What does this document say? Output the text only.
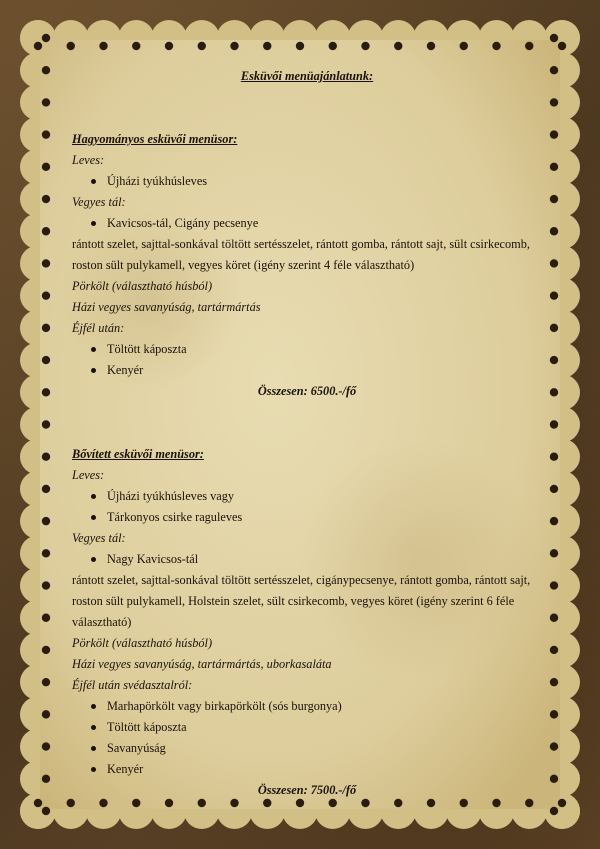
Esküvői menüajánlatunk:
Hagyományos esküvői menüsor:
Leves:
Újházi tyúkhúsleves
Vegyes tál:
Kavicsos-tál, Cigány pecsenye
rántott szelet, sajttal-sonkával töltött sertésszelet, rántott gomba, rántott sajt, sült csirkecomb,
roston sült pulykamell, vegyes köret (igény szerint 4 féle választható)
Pörkölt (választható húsból)
Házi vegyes savanyúság, tartármártás
Éjfél után:
Töltött káposzta
Kenyér
Összesen: 6500.-/fő
Bővített esküvői menüsor:
Leves:
Újházi tyúkhúsleves vagy
Tárkonyos csirke raguleves
Vegyes tál:
Nagy Kavicsos-tál
rántott szelet, sajttal-sonkával töltött sertésszelet, cigánypecsenye, rántott gomba, rántott sajt,
roston sült pulykamell, Holstein szelet, sült csirkecomb, vegyes köret (igény szerint 6 féle
választható)
Pörkölt (választható húsból)
Házi vegyes savanyúság, tartármártás, uborkasaláta
Éjfél után svédasztalról:
Marhapörkölt vagy birkapörkölt (sós burgonya)
Töltött káposzta
Savanyúság
Kenyér
Összesen: 7500.-/fő
